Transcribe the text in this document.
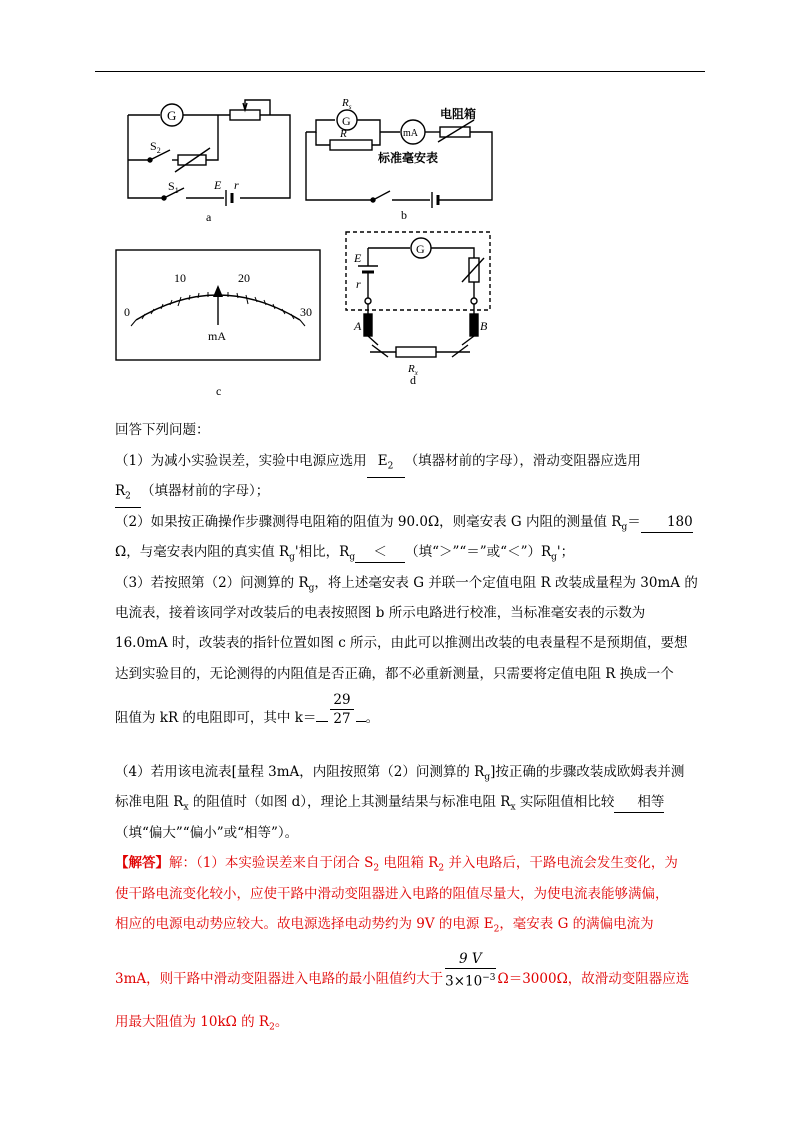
G
$S_2$
$S_1$	E r
a
G
R
$R_s$
mA
电阻箱
标准毫安表
b
0
10	20
30
mA
c
G
E
r
A	B
$R_x$
d
回答下列问题：
（1）为减小实验误差，实验中电源应选用 $E_2$ （填器材前的字母），滑动变阻器应选用
$R_2$ （填器材前的字母）；
（2）如果按正确操作步骤测得电阻箱的阻值为 90.0Ω，则毫安表 G 内阻的测量值 $R_g= 180$
Ω，与毫安表内阻的真实值 $R_g'$相比，$R_g$ ＜ （填“＞”“＝”或“$<”)R_g'$；
（3）若按照第（2）问测算的 $R_g$，将上述毫安表 G 并联一个定值电阻 R 改装成量程为 30mA 的
电流表，接着该同学对改装后的电表按照图 b 所示电路进行校准，当标准毫安表的示数为
16.0mA 时，改装表的指针位置如图 c 所示，由此可以推测出改装的电表量程不是预期值，要想
达到实验目的，无论测得的内阻值是否正确，都不必重新测量，只需要将定值电阻 R 换成一个
阻值为 kR 的电阻即可，其中 $k= \frac{29}{27}$ 。
（4）若用该电流表[量程 3mA，内阻按照第（2）问测算的 $R_g$]按正确的步骤改装成欧姆表并测
标准电阻 $R_x$ 的阻值时（如图 d），理论上其测量结果与标准电阻 $R_x$ 实际阻值相比较 相等
（填“偏大”“偏小”或“相等”）。
【解答】解：（1）本实验误差来自于闭合 $S_2$ 电阻箱 $R_2$ 并入电路后，干路电流会发生变化，为
使干路电流变化较小，应使干路中滑动变阻器进入电路的阻值尽量大，为使电流表能够满偏，
相应的电源电动势应较大。故电源选择电动势约为 9V 的电源 $E_2$，毫安表 G 的满偏电流为
3mA，则干路中滑动变阻器进入电路的最小阻值约大于 $\frac{9 V}{3\times 10^{-3}} \Omega=3000\Omega$，故滑动变阻器应选
用最大阻值为 10kΩ 的 $R_2$。
